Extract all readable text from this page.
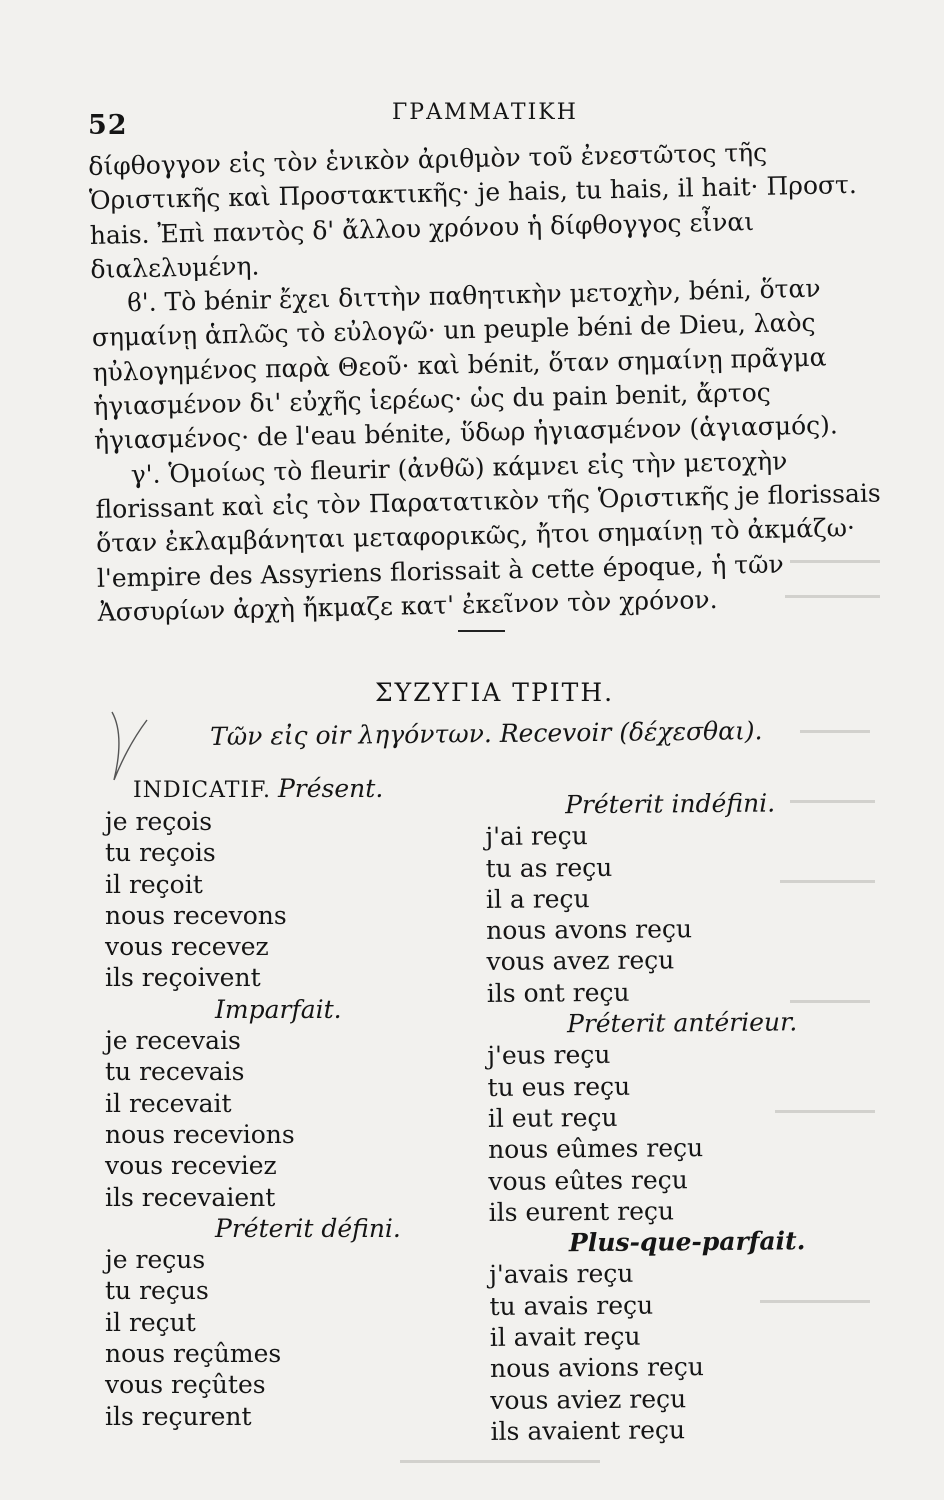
52	ΓΡΑΜΜΑΤΙΚΗ

δίφθογγον εἰς τὸν ἑνικὸν ἀριθμὸν τοῦ ἐνεστῶτος τῆς Ὁριστικῆς καὶ Προστακτικῆς· je hais, tu hais, il hait· Προστ. hais. Ἐπὶ παντὸς δ' ἄλλου χρόνου ἡ δίφθογγος εἶναι διαλελυμένη.

ϐ'. Τὸ bénir ἔχει διττὴν παθητικὴν μετοχὴν, béni, ὅταν σημαίνῃ ἁπλῶς τὸ εὐλογῶ· un peuple béni de Dieu, λαὸς ηὐλογημένος παρὰ Θεοῦ· καὶ bénit, ὅταν σημαίνῃ πρᾶγμα ἡγιασμένον δι' εὐχῆς ἱερέως· ὡς du pain benit, ἄρτος ἡγιασμένος· de l'eau bénite, ὕδωρ ἡγιασμένον (ἁγιασμός).

γ'. Ὁμοίως τὸ fleurir (ἀνθῶ) κάμνει εἰς τὴν μετοχὴν florissant καὶ εἰς τὸν Παρατατικὸν τῆς Ὁριστικῆς je florissais ὅταν ἐκλαμβάνηται μεταφορικῶς, ἤτοι σημαίνῃ τὸ ἀκμάζω· l'empire des Assyriens florissait à cette époque, ἡ τῶν Ἀσσυρίων ἀρχὴ ἤκμαζε κατ' ἐκεῖνον τὸν χρόνον.

ΣΥΖΥΓΙΑ ΤΡΙΤΗ.
Τῶν εἰς oir ληγόντων. Recevoir (δέχεσθαι).
INDICATIF. Présent.
je reçois
tu reçois
il reçoit
nous recevons
vous recevez
ils reçoivent
Imparfait.
je recevais
tu recevais
il recevait
nous recevions
vous receviez
ils recevaient
Préterit défini.
je reçus
tu reçus
il reçut
nous reçûmes
vous reçûtes
ils reçurent
Préterit indéfini.
j'ai reçu
tu as reçu
il a reçu
nous avons reçu
vous avez reçu
ils ont reçu
Préterit antérieur.
j'eus reçu
tu eus reçu
il eut reçu
nous eûmes reçu
vous eûtes reçu
ils eurent reçu
Plus-que-parfait.
j'avais reçu
tu avais reçu
il avait reçu
nous avions reçu
vous aviez reçu
ils avaient reçu
